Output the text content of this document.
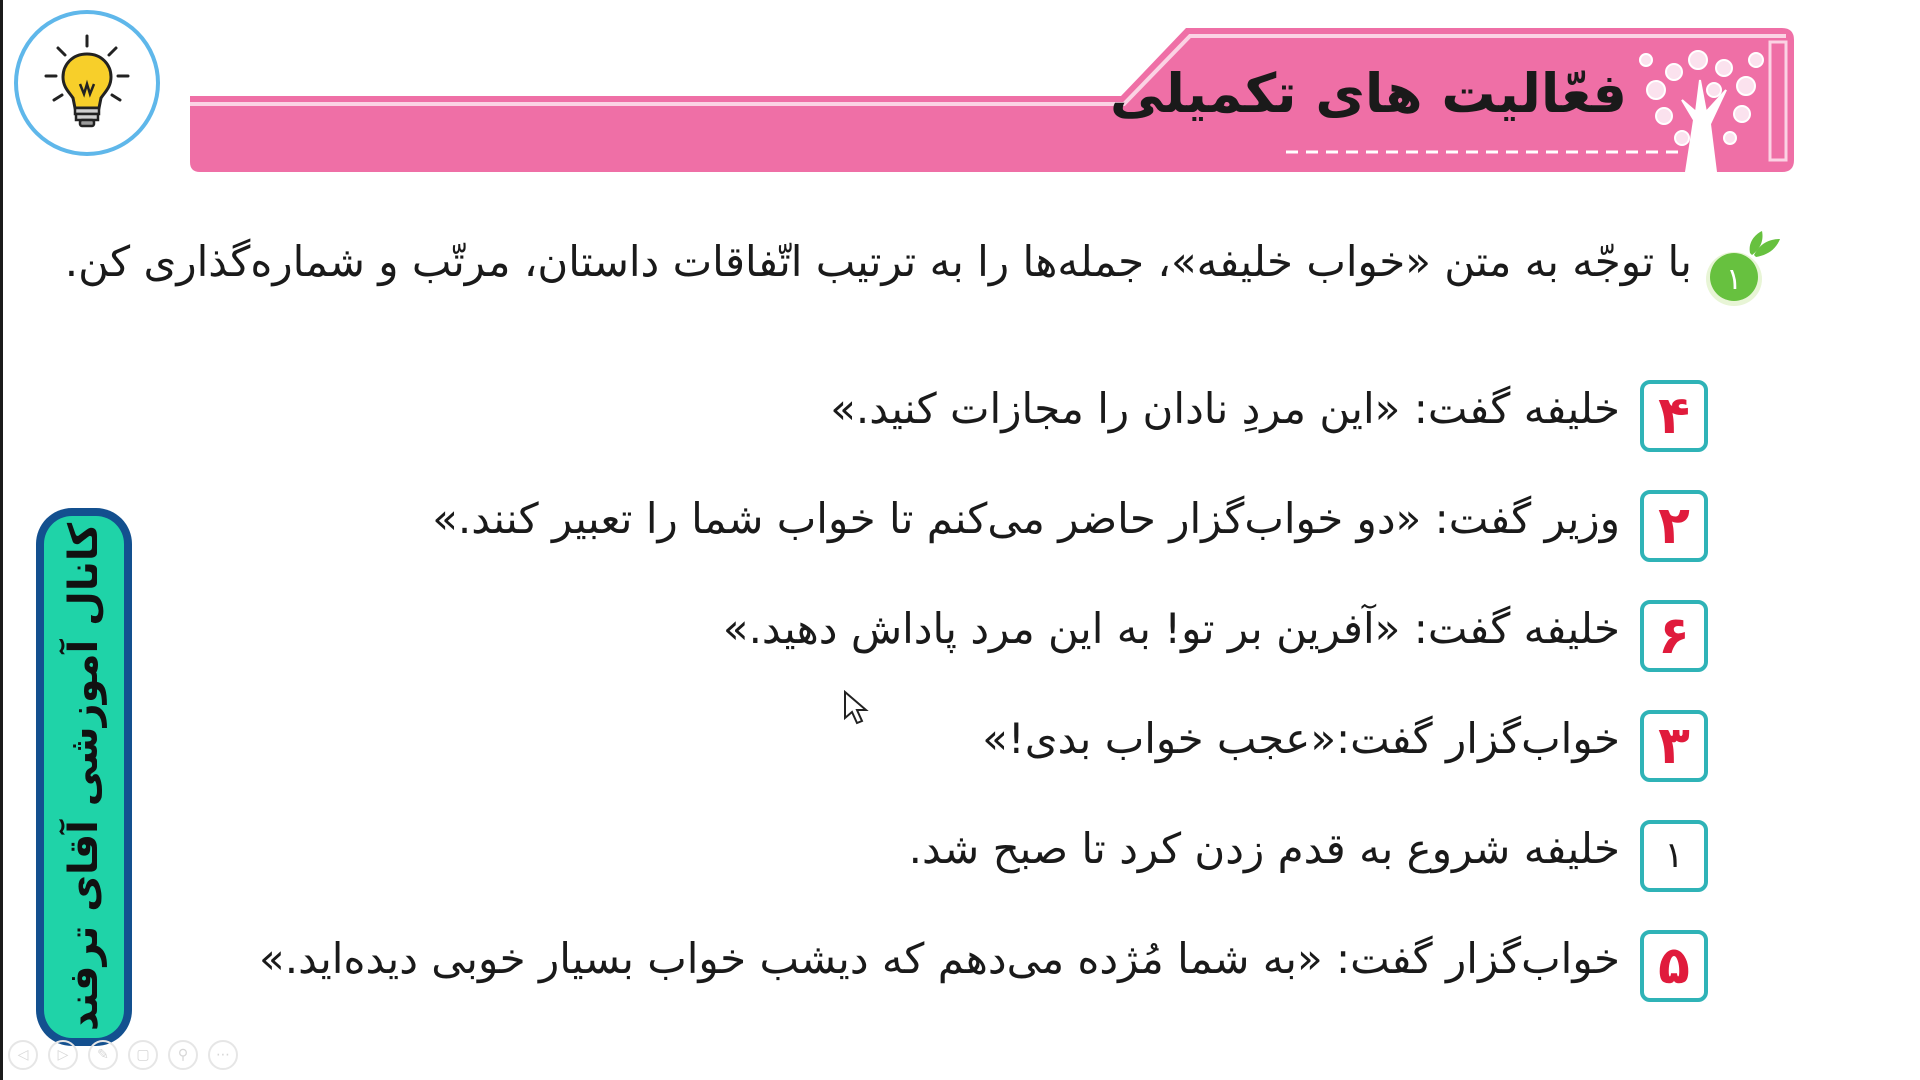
فعّالیت های تکمیلی
۱
با توجّه به متن «خواب خلیفه»، جمله‌ها را به ترتیب اتّفاقات داستان، مرتّب و شماره‌گذاری کن.
۴
خلیفه گفت: «این مردِ نادان را مجازات کنید.»
۲
وزیر گفت: «دو خواب‌گزار حاضر می‌کنم تا خواب شما را تعبیر کنند.»
۶
خلیفه گفت: «آفرین بر تو! به این مرد پاداش دهید.»
۳
خواب‌گزار گفت:«عجب خواب بدی!»
۱
خلیفه شروع به قدم زدن کرد تا صبح شد.
۵
خواب‌گزار گفت: «به شما مُژده می‌دهم که دیشب خواب بسیار خوبی دیده‌اید.»
کانال آموزشی آقای ترفند
◁	▷	✎	▢	⚲	⋯
